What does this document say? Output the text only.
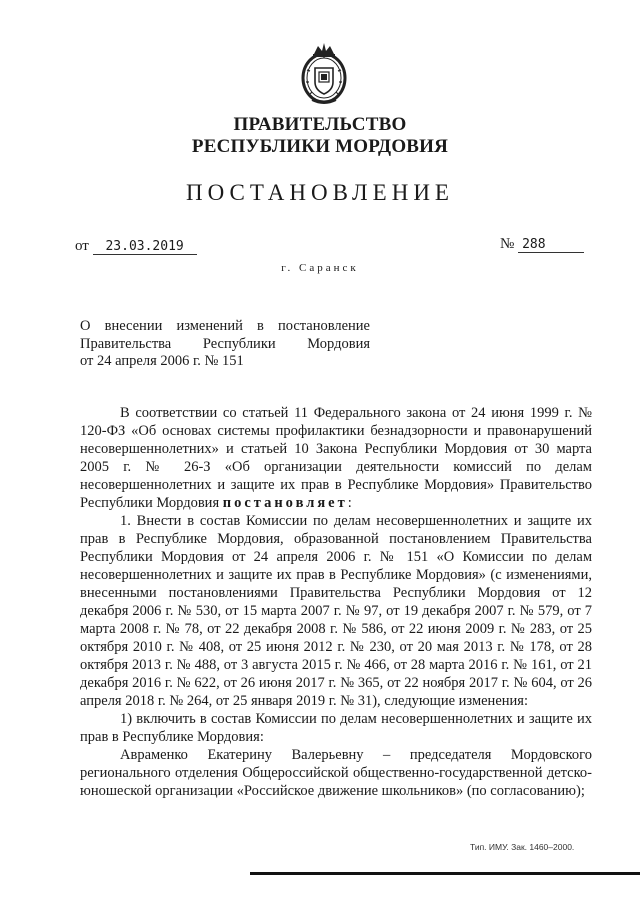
ПРАВИТЕЛЬСТВО
РЕСПУБЛИКИ МОРДОВИЯ
ПОСТАНОВЛЕНИЕ
от 23.03.2019	№ 288
г. Саранск
О внесении изменений в постановление
Правительства Республики Мордовия
от 24 апреля 2006 г. № 151

В соответствии со статьей 11 Федерального закона от 24 июня 1999 г. № 120-ФЗ «Об основах системы профилактики безнадзорности и правонарушений несовершеннолетних» и статьей 10 Закона Республики Мордовия от 30 марта 2005 г. № 26-З «Об организации деятельности комиссий по делам несовершеннолетних и защите их прав в Республике Мордовия» Правительство Республики Мордовия постановляет:

1. Внести в состав Комиссии по делам несовершеннолетних и защите их прав в Республике Мордовия, образованной постановлением Правительства Республики Мордовия от 24 апреля 2006 г. № 151 «О Комиссии по делам несовершеннолетних и защите их прав в Республике Мордовия» (с изменениями, внесенными постановлениями Правительства Республики Мордовия от 12 декабря 2006 г. № 530, от 15 марта 2007 г. № 97, от 19 декабря 2007 г. № 579, от 7 марта 2008 г. № 78, от 22 декабря 2008 г. № 586, от 22 июня 2009 г. № 283, от 25 октября 2010 г. № 408, от 25 июня 2012 г. № 230, от 20 мая 2013 г. № 178, от 28 октября 2013 г. № 488, от 3 августа 2015 г. № 466, от 28 марта 2016 г. № 161, от 21 декабря 2016 г. № 622, от 26 июня 2017 г. № 365, от 22 ноября 2017 г. № 604, от 26 апреля 2018 г. № 264, от 25 января 2019 г. № 31), следующие изменения:

1) включить в состав Комиссии по делам несовершеннолетних и защите их прав в Республике Мордовия:

Авраменко Екатерину Валерьевну – председателя Мордовского регионального отделения Общероссийской общественно-государственной детско-юношеской организации «Российское движение школьников» (по согласованию);

Тип. ИМУ. Зак. 1460–2000.
